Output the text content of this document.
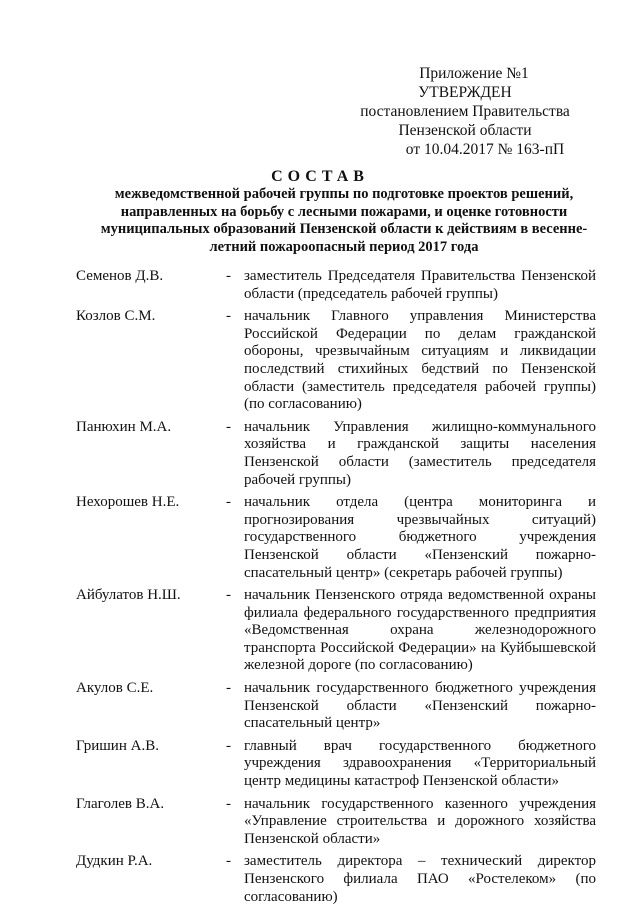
Приложение №1
УТВЕРЖДЕН
постановлением Правительства
Пензенской области
от 10.04.2017 № 163-пП
СОСТАВ
межведомственной рабочей группы по подготовке проектов решений, направленных на борьбу с лесными пожарами, и оценке готовности муниципальных образований Пензенской области к действиям в весенне-летний пожароопасный период 2017 года
Семенов Д.В.	- заместитель Председателя Правительства Пензенской области (председатель рабочей группы)
Козлов С.М.	- начальник Главного управления Министерства Российской Федерации по делам гражданской обороны, чрезвычайным ситуациям и ликвидации последствий стихийных бедствий по Пензенской области (заместитель председателя рабочей группы) (по согласованию)
Панюхин М.А.	- начальник Управления жилищно-коммунального хозяйства и гражданской защиты населения Пензенской области (заместитель председателя рабочей группы)
Нехорошев Н.Е.	- начальник отдела (центра мониторинга и прогнозирования чрезвычайных ситуаций) государственного бюджетного учреждения Пензенской области «Пензенский пожарно-спасательный центр» (секретарь рабочей группы)
Айбулатов Н.Ш.	- начальник Пензенского отряда ведомственной охраны филиала федерального государственного предприятия «Ведомственная охрана железнодорожного транспорта Российской Федерации» на Куйбышевской железной дороге (по согласованию)
Акулов С.Е.	- начальник государственного бюджетного учреждения Пензенской области «Пензенский пожарно-спасательный центр»
Гришин А.В.	- главный врач государственного бюджетного учреждения здравоохранения «Территориальный центр медицины катастроф Пензенской области»
Глаголев В.А.	- начальник государственного казенного учреждения «Управление строительства и дорожного хозяйства Пензенской области»
Дудкин Р.А.	- заместитель директора – технический директор Пензенского филиала ПАО «Ростелеком» (по согласованию)
